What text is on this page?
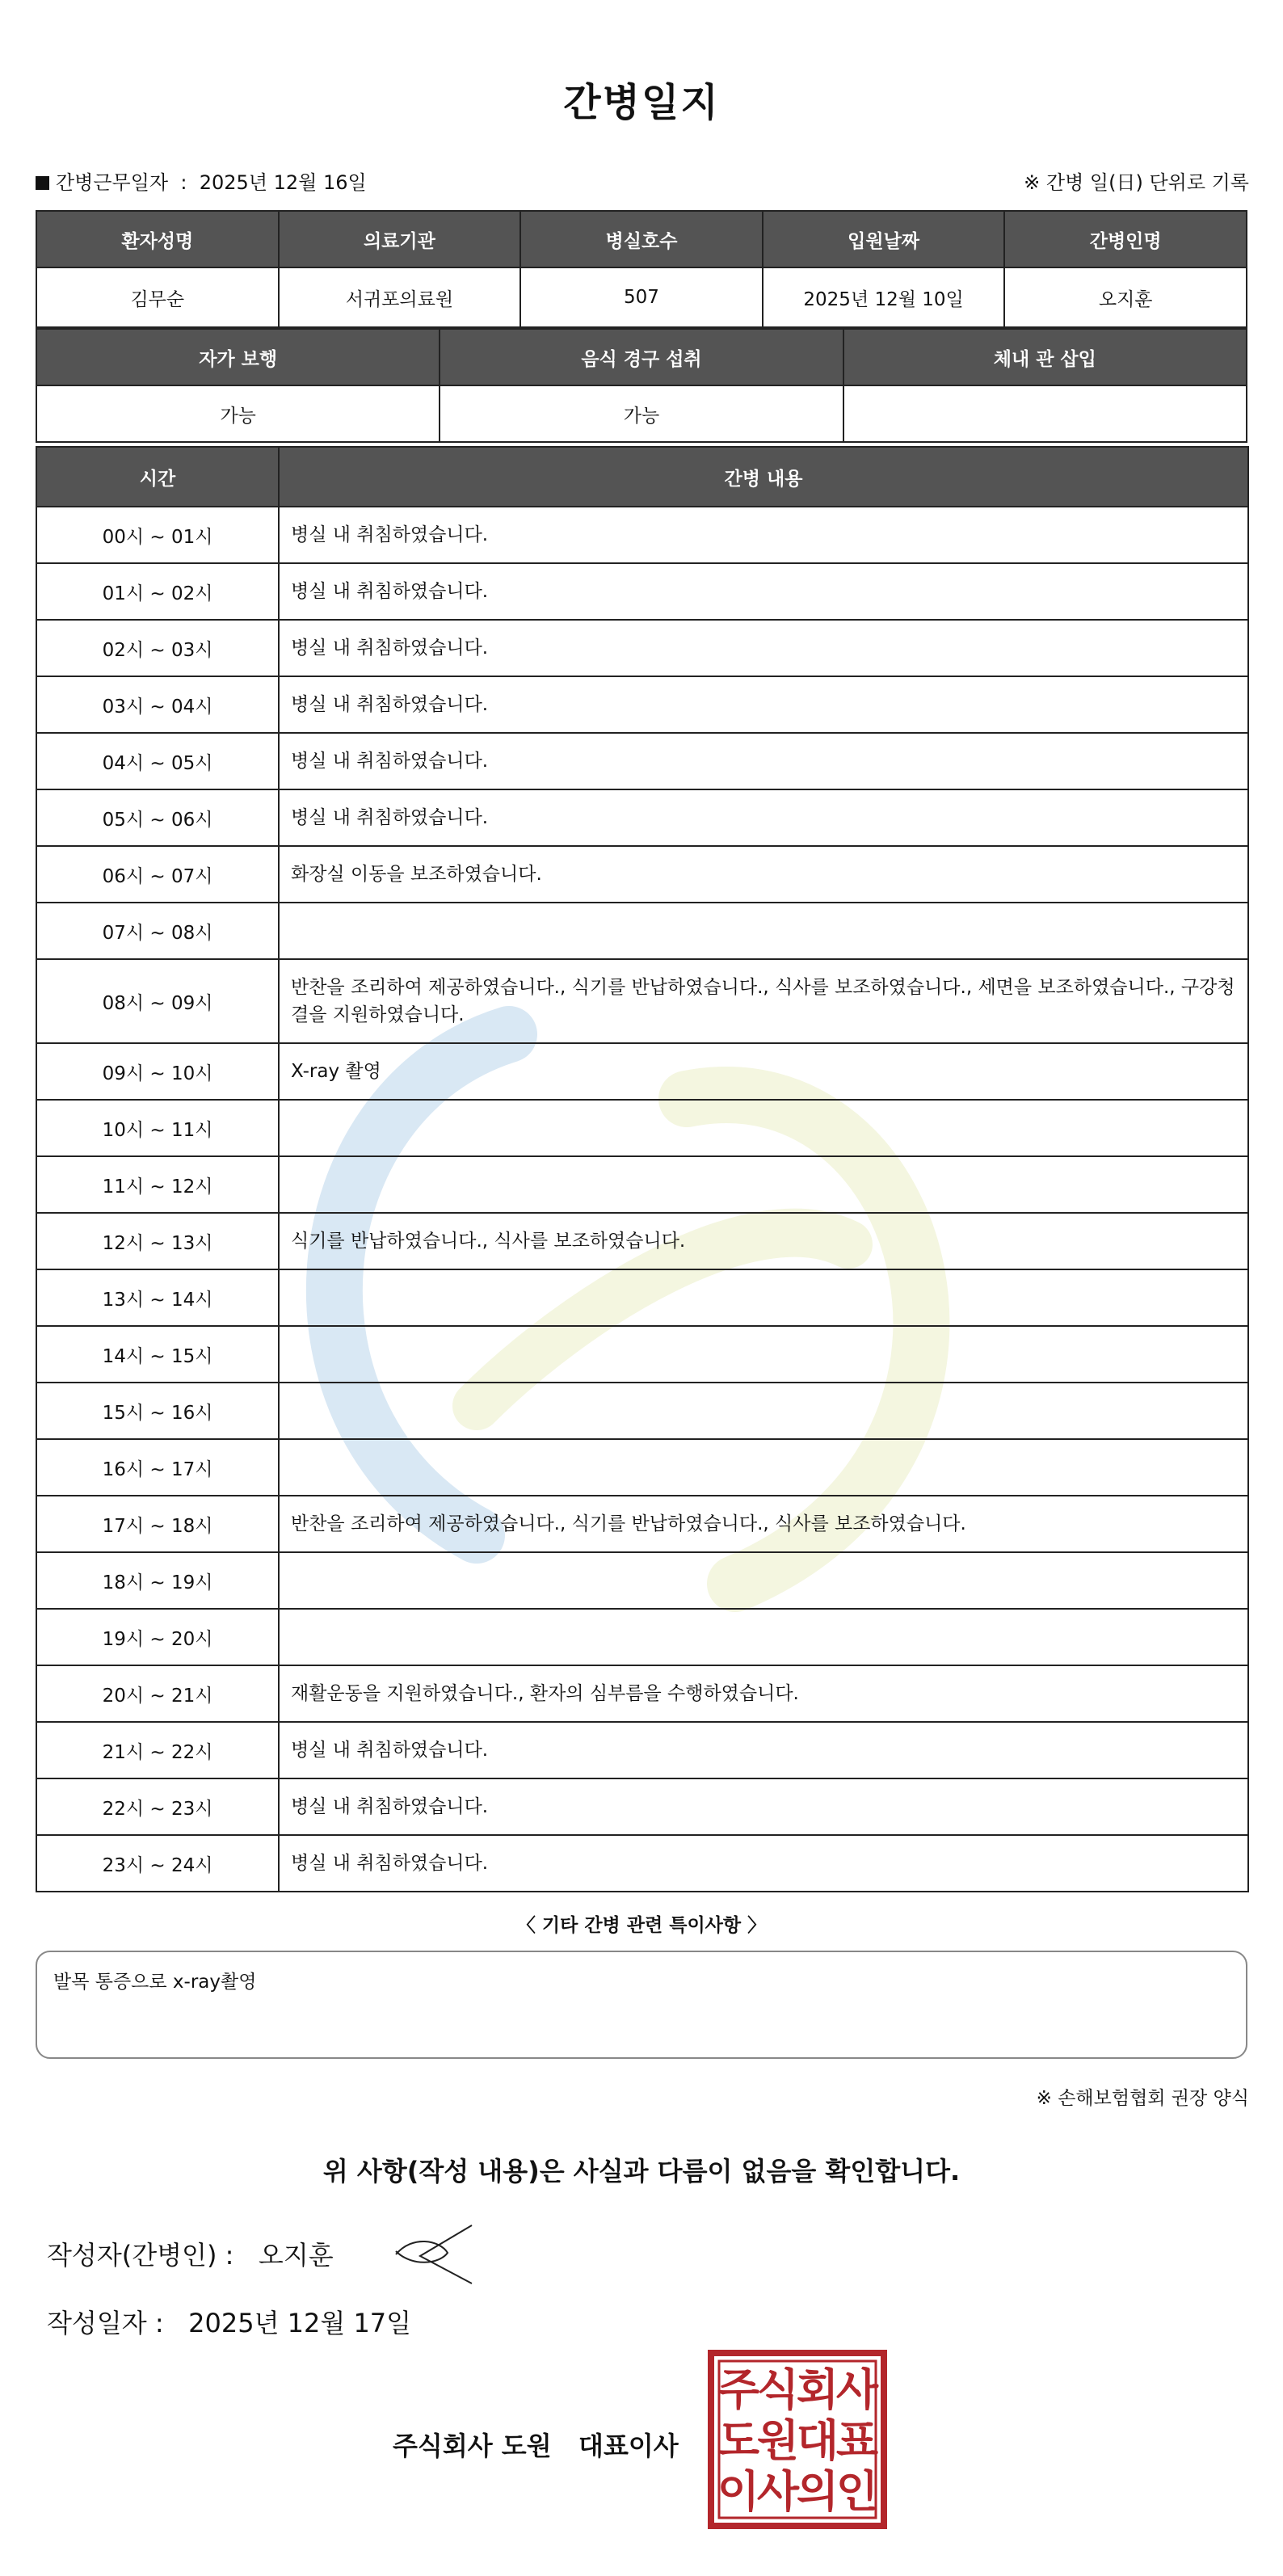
간병일지
간병근무일자 : 2025년 12월 16일	※ 간병 일(日) 단위로 기록
환자성명	의료기관	병실호수	입원날짜	간병인명
김무순	서귀포의료원	507	2025년 12월 10일	오지훈
자가 보행	음식 경구 섭취	체내 관 삽입
가능	가능	
시간	간병 내용
00시 ~ 01시	병실 내 취침하였습니다.
01시 ~ 02시	병실 내 취침하였습니다.
02시 ~ 03시	병실 내 취침하였습니다.
03시 ~ 04시	병실 내 취침하였습니다.
04시 ~ 05시	병실 내 취침하였습니다.
05시 ~ 06시	병실 내 취침하였습니다.
06시 ~ 07시	화장실 이동을 보조하였습니다.
07시 ~ 08시	
08시 ~ 09시	반찬을 조리하여 제공하였습니다., 식기를 반납하였습니다., 식사를 보조하였습니다., 세면을 보조하였습니다., 구강청결을 지원하였습니다.
09시 ~ 10시	X-ray 촬영
10시 ~ 11시	
11시 ~ 12시	
12시 ~ 13시	식기를 반납하였습니다., 식사를 보조하였습니다.
13시 ~ 14시	
14시 ~ 15시	
15시 ~ 16시	
16시 ~ 17시	
17시 ~ 18시	반찬을 조리하여 제공하였습니다., 식기를 반납하였습니다., 식사를 보조하였습니다.
18시 ~ 19시	
19시 ~ 20시	
20시 ~ 21시	재활운동을 지원하였습니다., 환자의 심부름을 수행하였습니다.
21시 ~ 22시	병실 내 취침하였습니다.
22시 ~ 23시	병실 내 취침하였습니다.
23시 ~ 24시	병실 내 취침하였습니다.
〈 기타 간병 관련 특이사항 〉
발목 통증으로 x-ray촬영
※ 손해보험협회 권장 양식
위 사항(작성 내용)은 사실과 다름이 없음을 확인합니다.
작성자(간병인) : 오지훈
작성일자 : 2025년 12월 17일
주식회사 도원 대표이사
주
식
회
사
도
원
대
표
이
사
의
인
